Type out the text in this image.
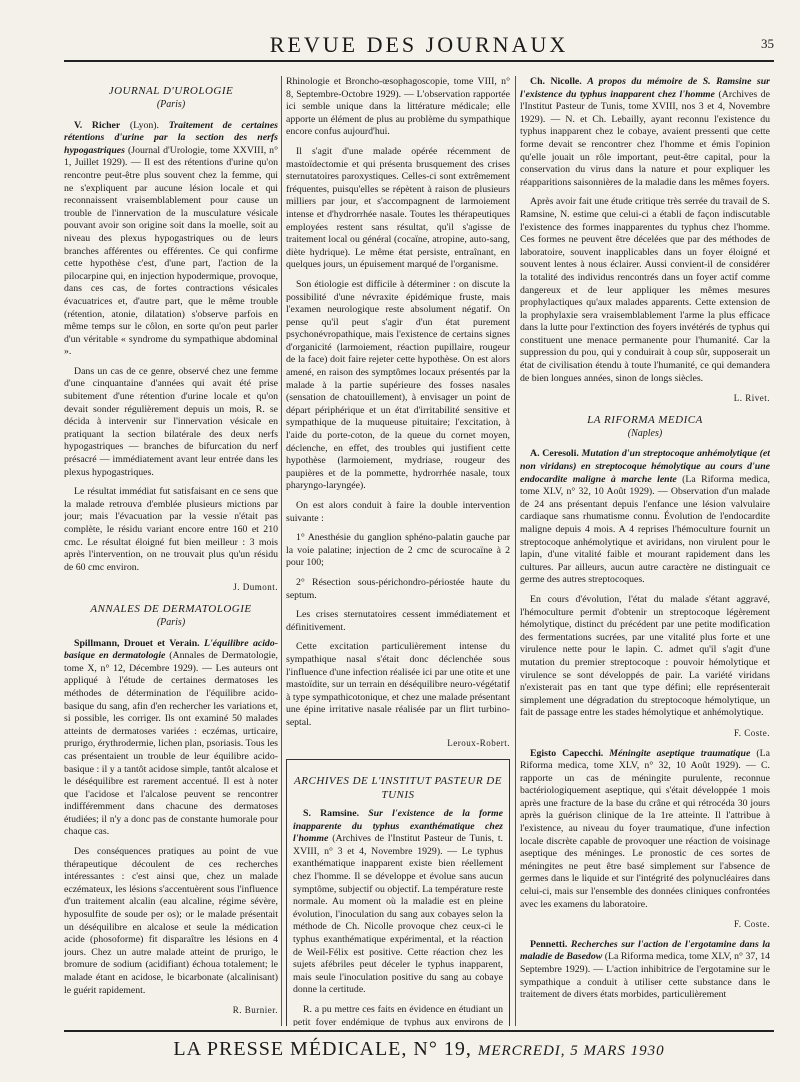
REVUE DES JOURNAUX	35
JOURNAL D'UROLOGIE
(Paris)

V. Richer (Lyon). Traitement de certaines rétentions d'urine par la section des nerfs hypogastriques (Journal d'Urologie, tome XXVIII, n° 1, Juillet 1929). — Il est des rétentions d'urine qu'on rencontre peut-être plus souvent chez la femme, qui ne s'expliquent par aucune lésion locale et qui reconnaissent vraisemblablement pour cause un trouble de l'innervation de la musculature vésicale pouvant avoir son origine soit dans la moelle, soit au niveau des plexus hypogastriques ou de leurs branches afférentes ou efférentes. Ce qui confirme cette hypothèse c'est, d'une part, l'action de la pilocarpine qui, en injection hypodermique, provoque, dans ces cas, de fortes contractions vésicales évacuatrices et, d'autre part, que le même trouble (rétention, atonie, dilatation) s'observe parfois en même temps sur le côlon, en sorte qu'on peut parler d'un véritable « syndrome du sympathique abdominal ».

Dans un cas de ce genre, observé chez une femme d'une cinquantaine d'années qui avait été prise subitement d'une rétention d'urine locale et qu'on devait sonder régulièrement depuis un mois, R. se décida à intervenir sur l'innervation vésicale en pratiquant la section bilatérale des deux nerfs hypogastriques — branches de bifurcation du nerf présacré — immédiatement avant leur entrée dans les plexus hypogastriques.

Le résultat immédiat fut satisfaisant en ce sens que la malade retrouva d'emblée plusieurs mictions par jour; mais l'évacuation par la vessie n'était pas complète, le résidu variant encore entre 160 et 210 cmc. Le résultat éloigné fut bien meilleur : 3 mois après l'intervention, on ne trouvait plus qu'un résidu de 60 cmc environ.

J. Dumont.
ANNALES DE DERMATOLOGIE
(Paris)

Spillmann, Drouet et Verain. L'équilibre acido-basique en dermatologie (Annales de Dermatologie, tome X, n° 12, Décembre 1929). — Les auteurs ont appliqué à l'étude de certaines dermatoses les méthodes de détermination de l'équilibre acido-basique du sang, afin d'en rechercher les variations et, si possible, les corriger. Ils ont examiné 50 malades atteints de dermatoses variées : eczémas, urticaire, prurigo, érythrodermie, lichen plan, psoriasis. Tous les cas présentaient un trouble de leur équilibre acido-basique : il y a tantôt acidose simple, tantôt alcalose et le déséquilibre est rarement accentué. Il est à noter que l'acidose et l'alcalose peuvent se rencontrer indifféremment dans chacune des dermatoses étudiées; il n'y a donc pas de constante humorale pour chaque cas.

Des conséquences pratiques au point de vue thérapeutique découlent de ces recherches intéressantes : c'est ainsi que, chez un malade eczémateux, les lésions s'accentuèrent sous l'influence d'un traitement alcalin (eau alcaline, régime sévère, hyposulfite de soude per os); or le malade présentait un déséquilibre en alcalose et seule la médication acide (phosoforme) fit disparaître les lésions en 4 jours. Chez un autre malade atteint de prurigo, le bromure de sodium (acidifiant) échoua totalement; le malade étant en acidose, le bicarbonate (alcalinisant) le guérit rapidement.

R. Burnier.

Rhinologie et Broncho-œsophagoscopie, tome VIII, n° 8, Septembre-Octobre 1929). — L'observation rapportée ici semble unique dans la littérature médicale; elle apporte un élément de plus au problème du sympathique encore confus aujourd'hui.

Il s'agit d'une malade opérée récemment de mastoïdectomie et qui présenta brusquement des crises sternutatoires paroxystiques. Celles-ci sont extrêmement fréquentes, puisqu'elles se répètent à raison de plusieurs milliers par jour, et s'accompagnent de larmoiement intense et d'hydrorrhée nasale. Toutes les thérapeutiques employées restent sans résultat, qu'il s'agisse de traitement local ou général (cocaïne, atropine, auto-sang, diète hydrique). Le même état persiste, entraînant, en quelques jours, un épuisement marqué de l'organisme.

Son étiologie est difficile à déterminer : on discute la possibilité d'une névraxite épidémique fruste, mais l'examen neurologique reste absolument négatif. On pense qu'il peut s'agir d'un état purement psychonévropathique, mais l'existence de certains signes d'organicité (larmoiement, réaction pupillaire, rougeur de la face) doit faire rejeter cette hypothèse. On est alors amené, en raison des symptômes locaux présentés par la malade à la partie supérieure des fosses nasales (sensation de chatouillement), à envisager un point de départ périphérique et un état d'irritabilité sensitive et sympathique de la muqueuse pituitaire; l'excitation, à l'aide du porte-coton, de la queue du cornet moyen, déclenche, en effet, des troubles qui justifient cette hypothèse (larmoiement, mydriase, rougeur des paupières et de la pommette, hydrorrhée nasale, toux pharyngo-laryngée).

On est alors conduit à faire la double intervention suivante :

1° Anesthésie du ganglion sphéno-palatin gauche par la voie palatine; injection de 2 cmc de scurocaïne à 2 pour 100;

2° Résection sous-périchondro-périostée haute du septum.

Les crises sternutatoires cessent immédiatement et définitivement.

Cette excitation particulièrement intense du sympathique nasal s'était donc déclenchée sous l'influence d'une infection réalisée ici par une otite et une mastoïdite, sur un terrain en déséquilibre neuro-végétatif à type sympathicotonique, et chez une malade présentant une épine irritative nasale réalisée par un flirt turbino-septal.

Leroux-Robert.
ARCHIVES DE L'INSTITUT PASTEUR DE TUNIS

S. Ramsine. Sur l'existence de la forme inapparente du typhus exanthématique chez l'homme (Archives de l'Institut Pasteur de Tunis, t. XVIII, n° 3 et 4, Novembre 1929). — Le typhus exanthématique inapparent existe bien réellement chez l'homme. Il se développe et évolue sans aucun symptôme, subjectif ou objectif. La température reste normale. Au moment où la maladie est en pleine évolution, l'inoculation du sang aux cobayes selon la méthode de Ch. Nicolle provoque chez ceux-ci le typhus exanthématique expérimental, et la réaction de Weil-Félix est positive. Cette réaction chez les sujets afébriles peut déceler le typhus inapparent, mais seule l'inoculation positive du sang au cobaye donne la certitude.

R. a pu mettre ces faits en évidence en étudiant un petit foyer endémique de typhus aux environs de

Ch. Nicolle. A propos du mémoire de S. Ramsine sur l'existence du typhus inapparent chez l'homme (Archives de l'Institut Pasteur de Tunis, tome XVIII, nos 3 et 4, Novembre 1929). — N. et Ch. Lebailly, ayant reconnu l'existence du typhus inapparent chez le cobaye, avaient pressenti que cette forme devait se rencontrer chez l'homme et émis l'opinion qu'elle jouait un rôle important, peut-être capital, pour la conservation du virus dans la nature et pour expliquer les réapparitions saisonnières de la maladie dans les mêmes foyers.

Après avoir fait une étude critique très serrée du travail de S. Ramsine, N. estime que celui-ci a établi de façon indiscutable l'existence des formes inapparentes du typhus chez l'homme. Ces formes ne peuvent être décelées que par des méthodes de laboratoire, souvent inapplicables dans un foyer éloigné et souvent lentes à nous éclairer. Aussi convient-il de considérer la totalité des individus rencontrés dans un foyer actif comme dangereux et de leur appliquer les mêmes mesures prophylactiques qu'aux malades apparents. Cette extension de la prophylaxie sera vraisemblablement l'arme la plus efficace dans la lutte pour l'extinction des foyers invétérés de typhus qui constituent une menace permanente pour l'humanité. Car la suppression du pou, qui y conduirait à coup sûr, supposerait un état de civilisation étendu à toute l'humanité, ce qui demandera de bien longues années, sinon de longs siècles.

L. Rivet.
LA RIFORMA MEDICA
(Naples)

A. Ceresoli. Mutation d'un streptocoque anhémolytique (et non viridans) en streptocoque hémolytique au cours d'une endocardite maligne à marche lente (La Riforma medica, tome XLV, n° 32, 10 Août 1929). — Observation d'un malade de 24 ans présentant depuis l'enfance une lésion valvulaire cardiaque sans rhumatisme connu. Évolution de l'endocardite maligne depuis 4 mois. A 4 reprises l'hémoculture fournit un streptocoque anhémolytique et aviridans, non virulent pour le lapin, d'une vitalité faible et mourant rapidement dans les cultures. Par ailleurs, aucun autre caractère ne distinguait ce germe des autres streptocoques.

En cours d'évolution, l'état du malade s'étant aggravé, l'hémoculture permit d'obtenir un streptocoque légèrement hémolytique, distinct du précédent par une petite modification des fermentations sucrées, par une vitalité plus forte et une virulence nette pour le lapin. C. admet qu'il s'agit d'une mutation du premier streptocoque : pouvoir hémolytique et virulence se sont développés de pair. La variété viridans n'existerait pas en tant que type défini; elle représenterait simplement une dégradation du streptocoque hémolytique, un fait de passage entre les stades hémolytique et anhémolytique.

F. Coste.

Egisto Capecchi. Méningite aseptique traumatique (La Riforma medica, tome XLV, n° 32, 10 Août 1929). — C. rapporte un cas de méningite purulente, reconnue bactériologiquement aseptique, qui s'était développée 1 mois après une fracture de la base du crâne et qui rétrocéda 30 jours après la guérison clinique de la 1re atteinte. Il l'attribue à l'existence, au niveau du foyer traumatique, d'une infection locale discrète capable de provoquer une réaction de voisinage aseptique des méninges. Le pronostic de ces sortes de méningites ne peut être basé simplement sur l'absence de germes dans le liquide et sur l'intégrité des polynucléaires dans celui-ci, mais sur l'ensemble des données cliniques confrontées avec les examens du laboratoire.

F. Coste.

Pennetti. Recherches sur l'action de l'ergotamine dans la maladie de Basedow (La Riforma medica, tome XLV, n° 37, 14 Septembre 1929). — L'action inhibitrice de l'ergotamine sur le sympathique a conduit à utiliser cette substance dans le traitement de divers états morbides, particulièrement

LA PRESSE MÉDICALE, N° 19, MERCREDI, 5 MARS 1930
